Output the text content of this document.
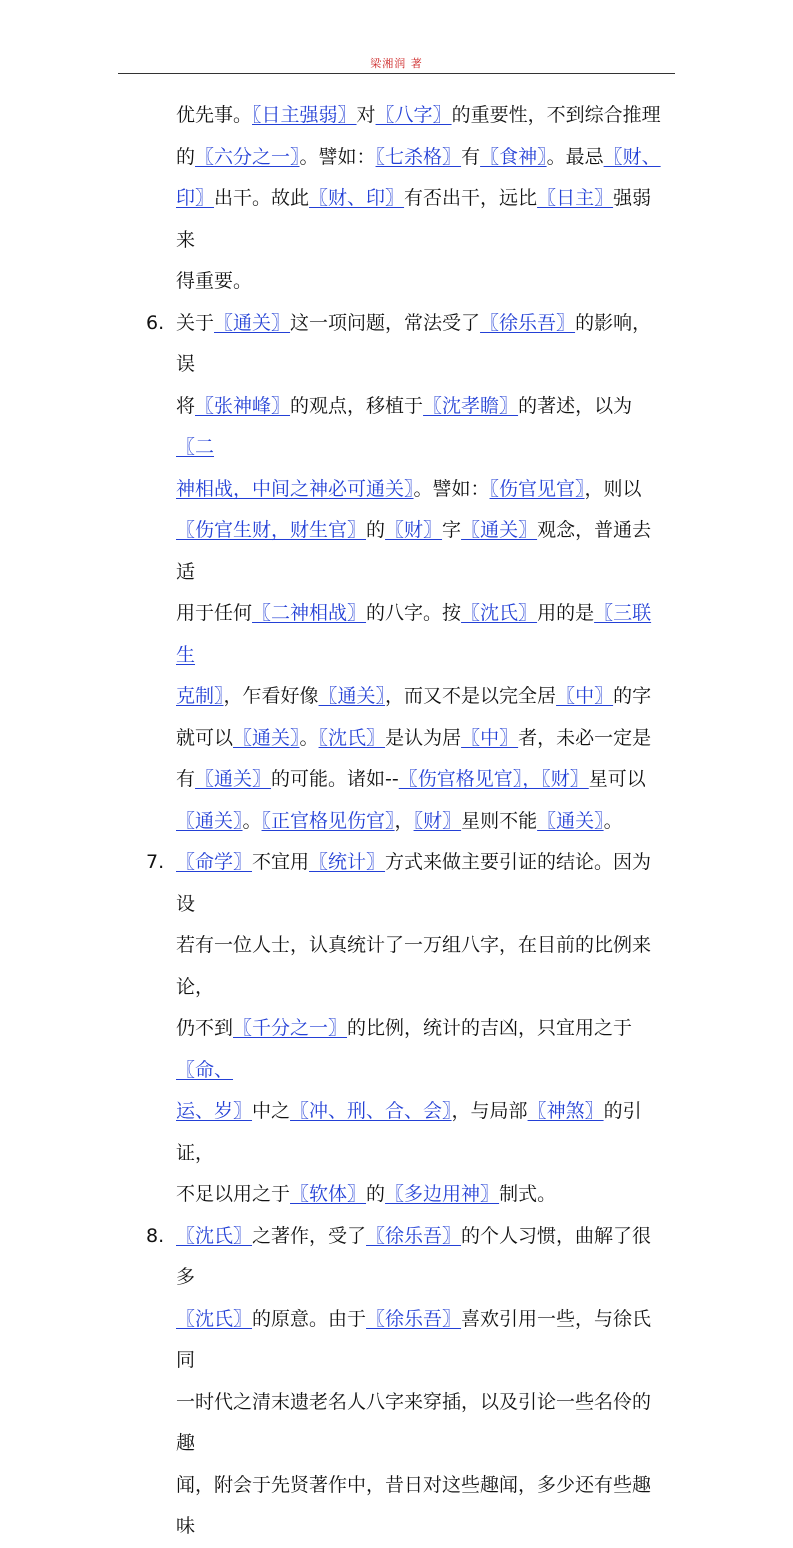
梁湘润 著
优先事。〖日主强弱〗对〖八字〗的重要性，不到综合推理
的〖六分之一〗。譬如：〖七杀格〗有〖食神〗。最忌〖财、
印〗出干。故此〖财、印〗有否出干，远比〖日主〗强弱来
得重要。
6. 关于〖通关〗这一项问题，常法受了〖徐乐吾〗的影响，误
将〖张神峰〗的观点，移植于〖沈孝瞻〗的著述，以为〖二
神相战，中间之神必可通关〗。譬如：〖伤官见官〗，则以
〖伤官生财，财生官〗的〖财〗字〖通关〗观念，普通去适
用于任何〖二神相战〗的八字。按〖沈氏〗用的是〖三联生
克制〗，乍看好像〖通关〗，而又不是以完全居〖中〗的字
就可以〖通关〗。〖沈氏〗是认为居〖中〗者，未必一定是
有〖通关〗的可能。诸如--〖伤官格见官〗，〖财〗星可以
〖通关〗。〖正官格见伤官〗，〖财〗星则不能〖通关〗。
7. 〖命学〗不宜用〖统计〗方式来做主要引证的结论。因为设
若有一位人士，认真统计了一万组八字，在目前的比例来论，
仍不到〖千分之一〗的比例，统计的吉凶，只宜用之于〖命、
运、岁〗中之〖冲、刑、合、会〗，与局部〖神煞〗的引证，
不足以用之于〖软体〗的〖多边用神〗制式。
8. 〖沈氏〗之著作，受了〖徐乐吾〗的个人习惯，曲解了很多
〖沈氏〗的原意。由于〖徐乐吾〗喜欢引用一些，与徐氏同
一时代之清末遗老名人八字来穿插，以及引论一些名伶的趣
闻，附会于先贤著作中，昔日对这些趣闻，多少还有些趣味
